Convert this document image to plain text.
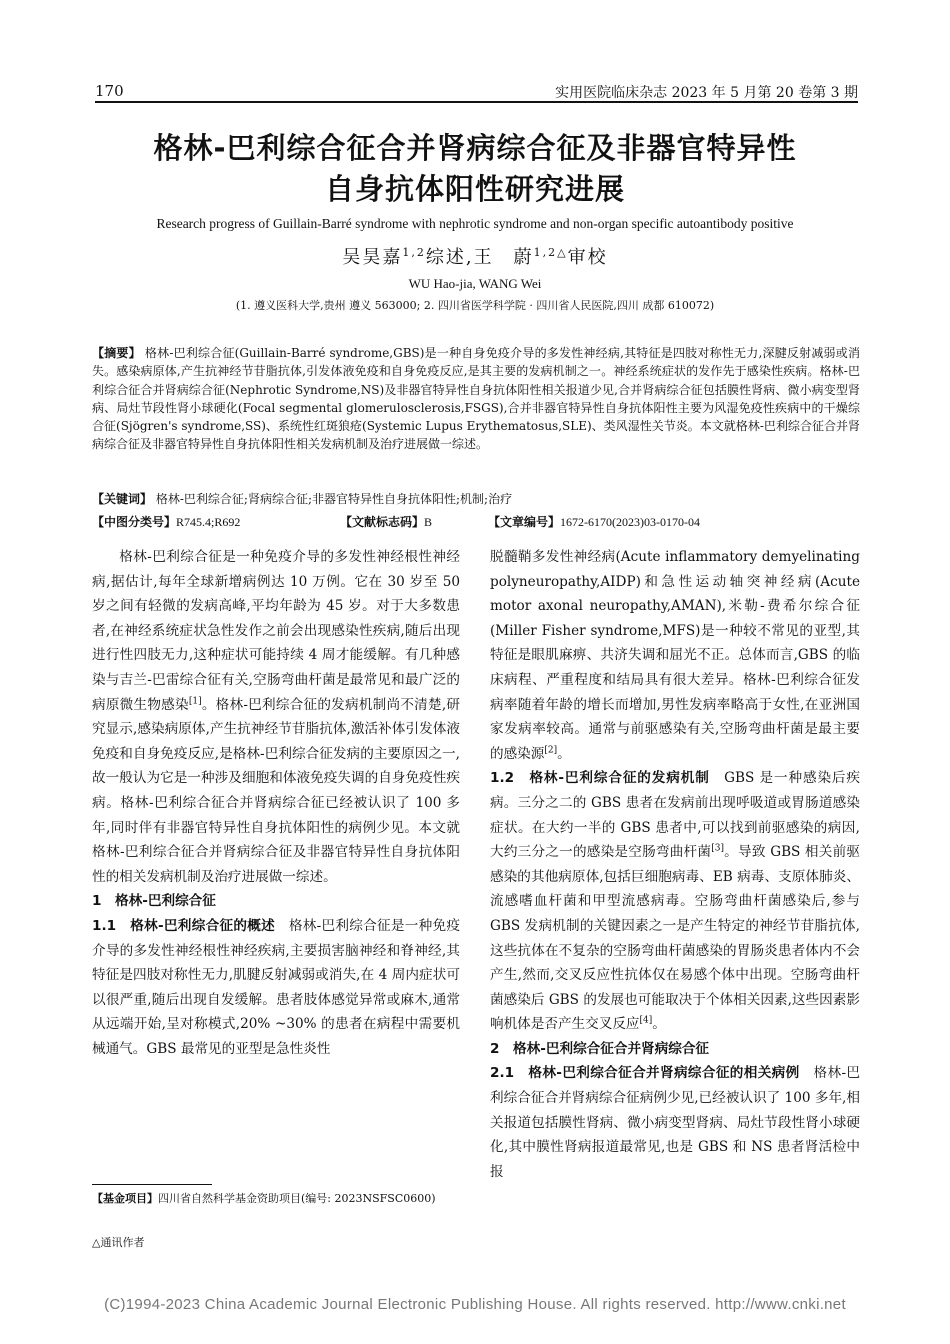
170	实用医院临床杂志 2023 年 5 月第 20 卷第 3 期
格林-巴利综合征合并肾病综合征及非器官特异性
自身抗体阳性研究进展
Research progress of Guillain-Barré syndrome with nephrotic syndrome and non-organ specific autoantibody positive
吴昊嘉$^{1,2}$综述,王　蔚$^{1,2\triangle}$审校
WU Hao-jia, WANG Wei
(1. 遵义医科大学,贵州 遵义 563000; 2. 四川省医学科学院 · 四川省人民医院,四川 成都 610072)
【摘要】 格林-巴利综合征(Guillain-Barré syndrome,GBS)是一种自身免疫介导的多发性神经病,其特征是四肢对称性无力,深腱反射减弱或消失。感染病原体,产生抗神经节苷脂抗体,引发体液免疫和自身免疫反应,是其主要的发病机制之一。神经系统症状的发作先于感染性疾病。格林-巴利综合征合并肾病综合征(Nephrotic Syndrome,NS)及非器官特异性自身抗体阳性相关报道少见,合并肾病综合征包括膜性肾病、微小病变型肾病、局灶节段性肾小球硬化(Focal segmental glomerulosclerosis,FSGS),合并非器官特异性自身抗体阳性主要为风湿免疫性疾病中的干燥综合征(Sjögren's syndrome,SS)、系统性红斑狼疮(Systemic Lupus Erythematosus,SLE)、类风湿性关节炎。本文就格林-巴利综合征合并肾病综合征及非器官特异性自身抗体阳性相关发病机制及治疗进展做一综述。
【关键词】 格林-巴利综合征;肾病综合征;非器官特异性自身抗体阳性;机制;治疗
【中图分类号】R745.4;R692	【文献标志码】B	【文章编号】1672-6170(2023)03-0170-04

格林-巴利综合征是一种免疫介导的多发性神经根性神经病,据估计,每年全球新增病例达 10 万例。它在 30 岁至 50 岁之间有轻微的发病高峰,平均年龄为 45 岁。对于大多数患者,在神经系统症状急性发作之前会出现感染性疾病,随后出现进行性四肢无力,这种症状可能持续 4 周才能缓解。有几种感染与吉兰-巴雷综合征有关,空肠弯曲杆菌是最常见和最广泛的病原微生物感染[1]。格林-巴利综合征的发病机制尚不清楚,研究显示,感染病原体,产生抗神经节苷脂抗体,激活补体引发体液免疫和自身免疫反应,是格林-巴利综合征发病的主要原因之一,故一般认为它是一种涉及细胞和体液免疫失调的自身免疫性疾病。格林-巴利综合征合并肾病综合征已经被认识了 100 多年,同时伴有非器官特异性自身抗体阳性的病例少见。本文就格林-巴利综合征合并肾病综合征及非器官特异性自身抗体阳性的相关发病机制及治疗进展做一综述。

1　格林-巴利综合征

1.1　格林-巴利综合征的概述　格林-巴利综合征是一种免疫介导的多发性神经根性神经疾病,主要损害脑神经和脊神经,其特征是四肢对称性无力,肌腱反射减弱或消失,在 4 周内症状可以很严重,随后出现自发缓解。患者肢体感觉异常或麻木,通常从远端开始,呈对称模式,20% ~30% 的患者在病程中需要机械通气。GBS 最常见的亚型是急性炎性

脱髓鞘多发性神经病(Acute inflammatory demyelinating polyneuropathy,AIDP)和急性运动轴突神经病(Acute motor axonal neuropathy,AMAN),米勒-费希尔综合征(Miller Fisher syndrome,MFS)是一种较不常见的亚型,其特征是眼肌麻痹、共济失调和屈光不正。总体而言,GBS 的临床病程、严重程度和结局具有很大差异。格林-巴利综合征发病率随着年龄的增长而增加,男性发病率略高于女性,在亚洲国家发病率较高。通常与前驱感染有关,空肠弯曲杆菌是最主要的感染源[2]。

1.2　格林-巴利综合征的发病机制　GBS 是一种感染后疾病。三分之二的 GBS 患者在发病前出现呼吸道或胃肠道感染症状。在大约一半的 GBS 患者中,可以找到前驱感染的病因,大约三分之一的感染是空肠弯曲杆菌[3]。导致 GBS 相关前驱感染的其他病原体,包括巨细胞病毒、EB 病毒、支原体肺炎、流感嗜血杆菌和甲型流感病毒。空肠弯曲杆菌感染后,参与 GBS 发病机制的关键因素之一是产生特定的神经节苷脂抗体,这些抗体在不复杂的空肠弯曲杆菌感染的胃肠炎患者体内不会产生,然而,交叉反应性抗体仅在易感个体中出现。空肠弯曲杆菌感染后 GBS 的发展也可能取决于个体相关因素,这些因素影响机体是否产生交叉反应[4]。

2　格林-巴利综合征合并肾病综合征

2.1　格林-巴利综合征合并肾病综合征的相关病例　格林-巴利综合征合并肾病综合征病例少见,已经被认识了 100 多年,相关报道包括膜性肾病、微小病变型肾病、局灶节段性肾小球硬化,其中膜性肾病报道最常见,也是 GBS 和 NS 患者肾活检中报

【基金项目】四川省自然科学基金资助项目(编号: 2023NSFSC0600)
△通讯作者
(C)1994-2023 China Academic Journal Electronic Publishing House. All rights reserved. http://www.cnki.net
